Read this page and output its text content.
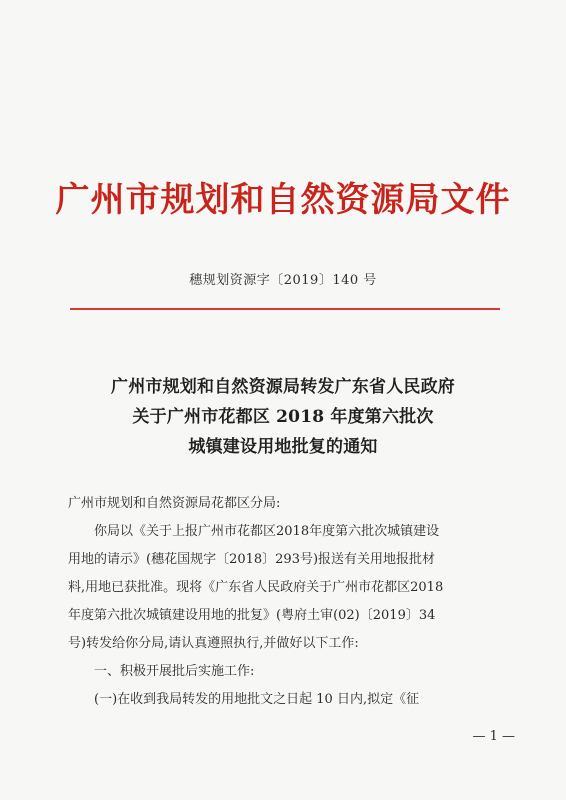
广州市规划和自然资源局文件
穗规划资源字〔2019〕140 号
广州市规划和自然资源局转发广东省人民政府
关于广州市花都区 2018 年度第六批次
城镇建设用地批复的通知

广州市规划和自然资源局花都区分局:

你局以《关于上报广州市花都区2018年度第六批次城镇建设
用地的请示》(穗花国规字〔2018〕293号)报送有关用地报批材
料,用地已获批准。现将《广东省人民政府关于广州市花都区2018
年度第六批次城镇建设用地的批复》(粤府土审(02)〔2019〕34
号)转发给你分局,请认真遵照执行,并做好以下工作:

一、积极开展批后实施工作:

(一)在收到我局转发的用地批文之日起 10 日内,拟定《征

— 1 —
